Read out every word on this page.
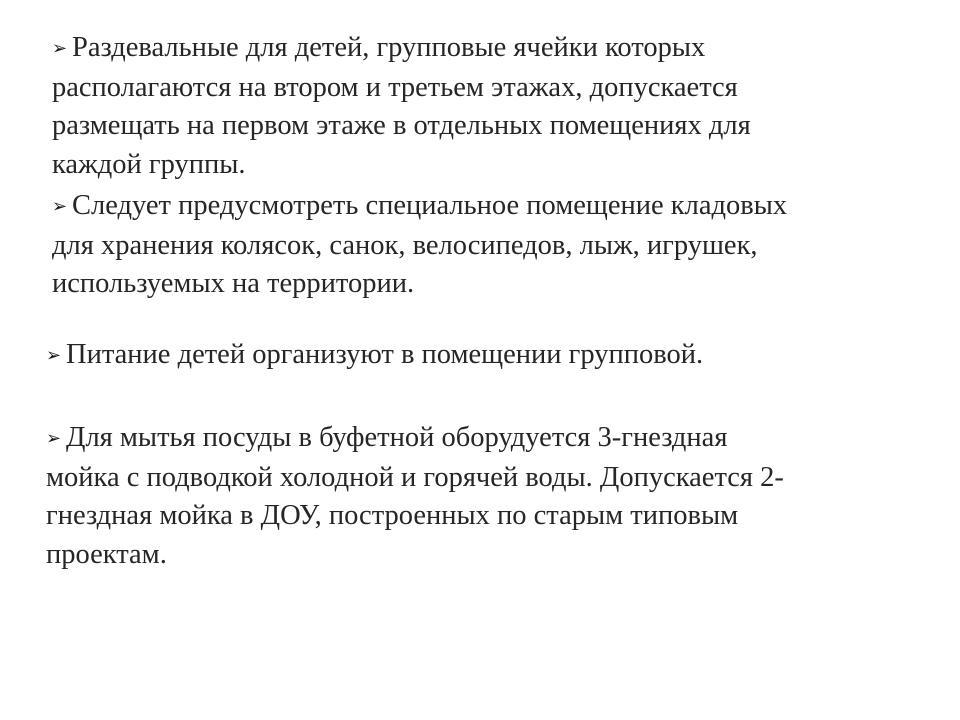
➢ Раздевальные для детей, групповые ячейки которых
располагаются на втором и третьем этажах, допускается
размещать на первом этаже в отдельных помещениях для
каждой группы.
➢ Следует предусмотреть специальное помещение кладовых
для хранения колясок, санок, велосипедов, лыж, игрушек,
используемых на территории.
➢ Питание детей организуют в помещении групповой.
➢ Для мытья посуды в буфетной оборудуется 3-гнездная
мойка с подводкой холодной и горячей воды. Допускается 2-
гнездная мойка в ДОУ, построенных по старым типовым
проектам.
